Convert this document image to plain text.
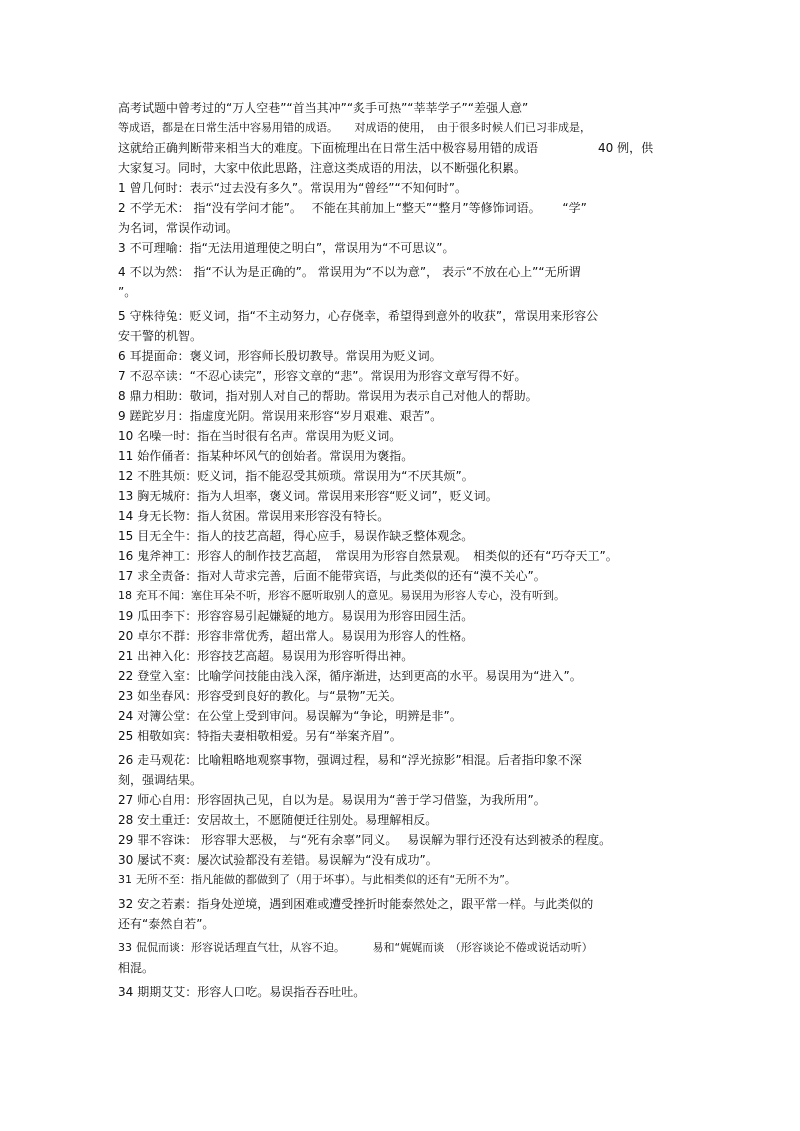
高考试题中曾考过的“万人空巷”“首当其冲”“炙手可热”“莘莘学子”“差强人意”

等成语，都是在日常生活中容易用错的成语。　　对成语的使用，　由于很多时候人们已习非成是，

这就给正确判断带来相当大的难度。下面梳理出在日常生活中极容易用错的成语　　　　　40 例，供

大家复习。同时，大家中依此思路，注意这类成语的用法，以不断强化积累。

1 曾几何时：表示“过去没有多久”。常误用为“曾经”“不知何时”。

2 不学无术： 指“没有学问才能”。　 不能在其前加上“整天”“整月”等修饰词语。　　 “学”

为名词，常误作动词。

3 不可理喻：指“无法用道理使之明白”，常误用为“不可思议”。

4 不以为然： 指“不认为是正确的”。 常误用为“不以为意”， 表示“不放在心上”“无所谓

”。

5 守株待兔：贬义词，指“不主动努力，心存侥幸，希望得到意外的收获”，常误用来形容公

安干警的机智。

6 耳提面命：褒义词，形容师长殷切教导。常误用为贬义词。

7 不忍卒读：“不忍心读完”，形容文章的“悲”。常误用为形容文章写得不好。

8 鼎力相助：敬词，指对别人对自己的帮助。常误用为表示自己对他人的帮助。

9 蹉跎岁月：指虚度光阴。常误用来形容“岁月艰难、艰苦”。

10 名噪一时：指在当时很有名声。常误用为贬义词。

11 始作俑者：指某种坏风气的创始者。常误用为褒指。

12 不胜其烦：贬义词，指不能忍受其烦琐。常误用为“不厌其烦”。

13 胸无城府：指为人坦率，褒义词。常误用来形容“贬义词”，贬义词。

14 身无长物：指人贫困。常误用来形容没有特长。

15 目无全牛：指人的技艺高超，得心应手，易误作缺乏整体观念。

16 鬼斧神工：形容人的制作技艺高超，　常误用为形容自然景观。　相类似的还有“巧夺天工”。

17 求全责备：指对人苛求完善，后面不能带宾语，与此类似的还有“漠不关心”。

18 充耳不闻：塞住耳朵不听，形容不愿听取别人的意见。易误用为形容人专心，没有听到。

19 瓜田李下：形容容易引起嫌疑的地方。易误用为形容田园生活。

20 卓尔不群：形容非常优秀，超出常人。易误用为形容人的性格。

21 出神入化：形容技艺高超。易误用为形容听得出神。

22 登堂入室：比喻学问技能由浅入深，循序渐进，达到更高的水平。易误用为“进入”。

23 如坐春风：形容受到良好的教化。与“景物”无关。

24 对簿公堂：在公堂上受到审问。易误解为“争论，明辨是非”。

25 相敬如宾：特指夫妻相敬相爱。另有“举案齐眉”。

26 走马观花：比喻粗略地观察事物，强调过程，易和“浮光掠影”相混。后者指印象不深

刻，强调结果。

27 师心自用：形容固执己见，自以为是。易误用为“善于学习借鉴，为我所用”。

28 安土重迁：安居故土，不愿随便迁往别处。易理解相反。

29 罪不容诛： 形容罪大恶极， 与“死有余辜”同义。　 易误解为罪行还没有达到被杀的程度。

30 屡试不爽：屡次试验都没有差错。易误解为“没有成功”。

31 无所不至：指凡能做的都做到了（用于坏事）。与此相类似的还有“无所不为”。

32 安之若素：指身处逆境，遇到困难或遭受挫折时能泰然处之，跟平常一样。与此类似的

还有“泰然自若”。

33 侃侃而谈：形容说话理直气壮，从容不迫。　　　易和“娓娓而谈　（形容谈论不倦或说话动听）

相混。

34 期期艾艾：形容人口吃。易误指吞吞吐吐。
